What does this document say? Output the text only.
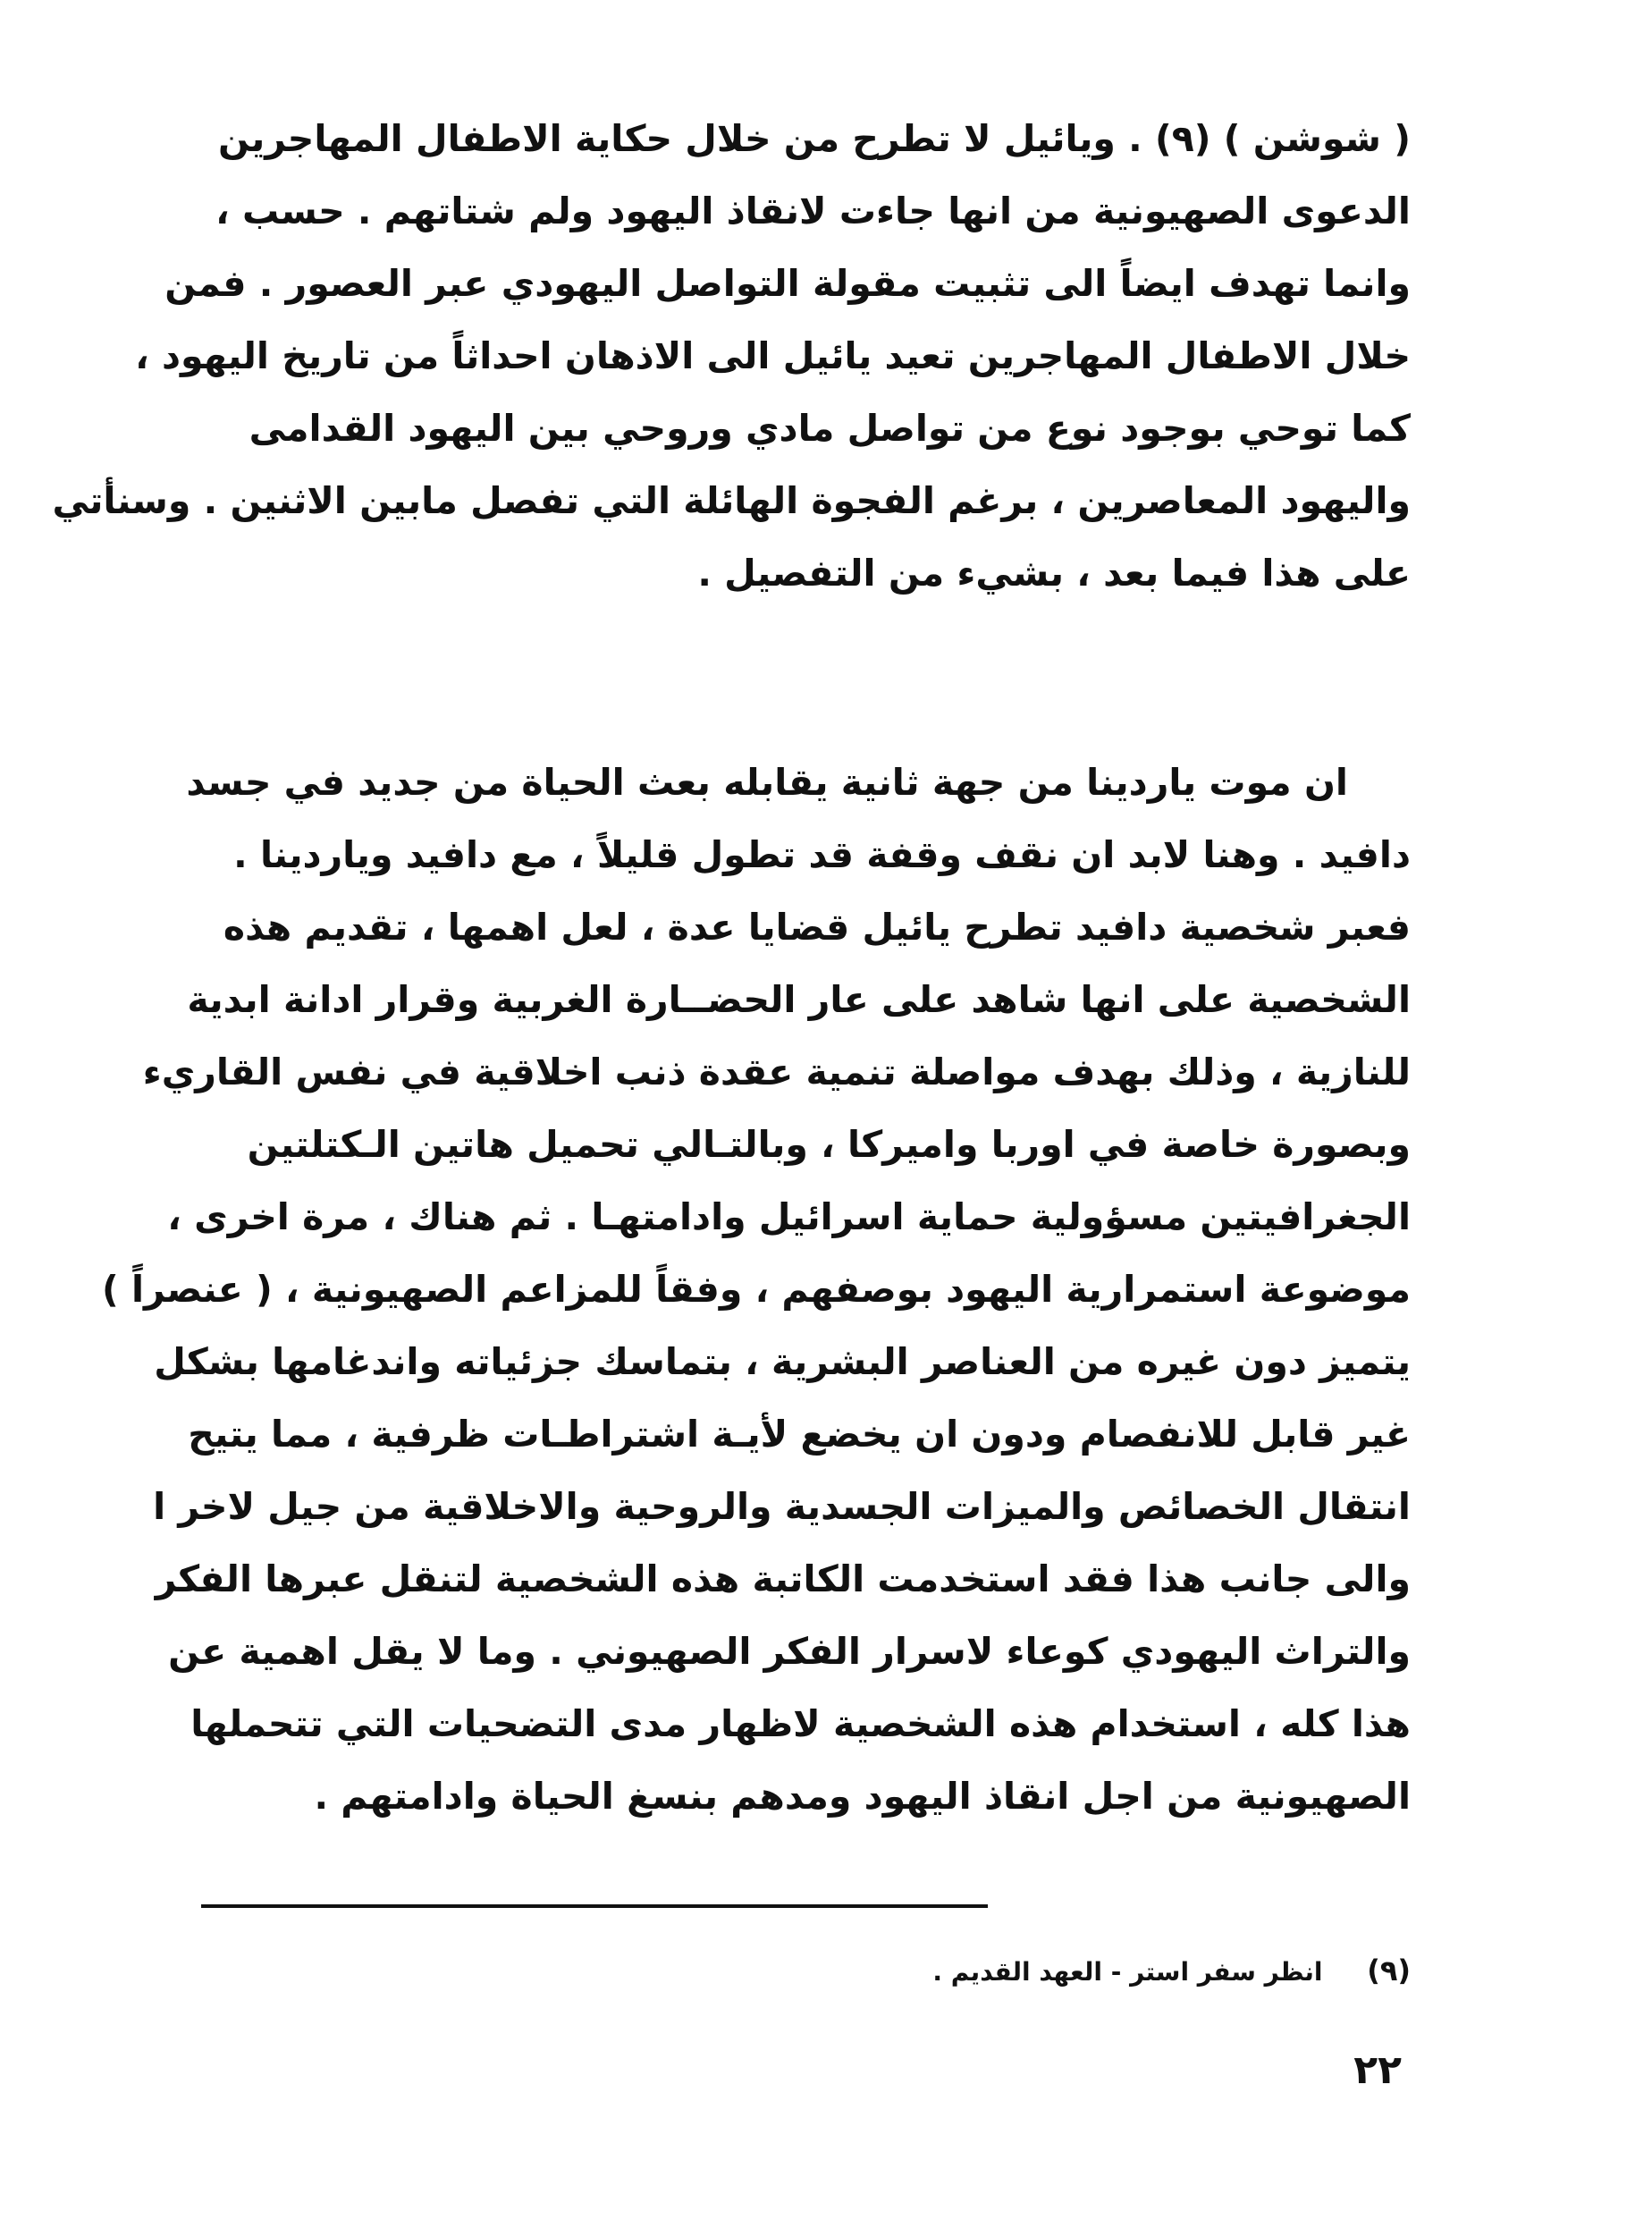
( شوشن ) (٩) . ويائيل لا تطرح من خلال حكاية الاطفال المهاجرين
الدعوى الصهيونية من انها جاءت لانقاذ اليهود ولم شتاتهم . حسب ،
وانما تهدف ايضاً الى تثبيت مقولة التواصل اليهودي عبر العصور . فمن
خلال الاطفال المهاجرين تعيد يائيل الى الاذهان احداثاً من تاريخ اليهود ،
كما توحي بوجود نوع من تواصل مادي وروحي بين اليهود القدامى
واليهود المعاصرين ، برغم الفجوة الهائلة التي تفصل مابين الاثنين . وسنأتي
على هذا فيما بعد ، بشيء من التفصيل .
ان موت ياردينا من جهة ثانية يقابله بعث الحياة من جديد في جسد
دافيد . وهنا لابد ان نقف وقفة قد تطول قليلاً ، مع دافيد وياردينا .
فعبر شخصية دافيد تطرح يائيل قضايا عدة ، لعل اهمها ، تقديم هذه
الشخصية على انها شاهد على عار الحضــارة الغربية وقرار ادانة ابدية
للنازية ، وذلك بهدف مواصلة تنمية عقدة ذنب اخلاقية في نفس القاريء
وبصورة خاصة في اوربا واميركا ، وبالتـالي تحميل هاتين الـكتلتين
الجغرافيتين مسؤولية حماية اسرائيل وادامتهـا . ثم هناك ، مرة اخرى ،
موضوعة استمرارية اليهود بوصفهم ، وفقاً للمزاعم الصهيونية ، ( عنصراً )
يتميز دون غيره من العناصر البشرية ، بتماسك جزئياته واندغامها بشكل
غير قابل للانفصام ودون ان يخضع لأيـة اشتراطـات ظرفية ، مما يتيح
انتقال الخصائص والميزات الجسدية والروحية والاخلاقية من جيل لاخر ا
والى جانب هذا فقد استخدمت الكاتبة هذه الشخصية لتنقل عبرها الفكر
والتراث اليهودي كوعاء لاسرار الفكر الصهيوني . وما لا يقل اهمية عن
هذا كله ، استخدام هذه الشخصية لاظهار مدى التضحيات التي تتحملها
الصهيونية من اجل انقاذ اليهود ومدهم بنسغ الحياة وادامتهم .
(٩) انظر سفر استر - العهد القديم .
٢٢
